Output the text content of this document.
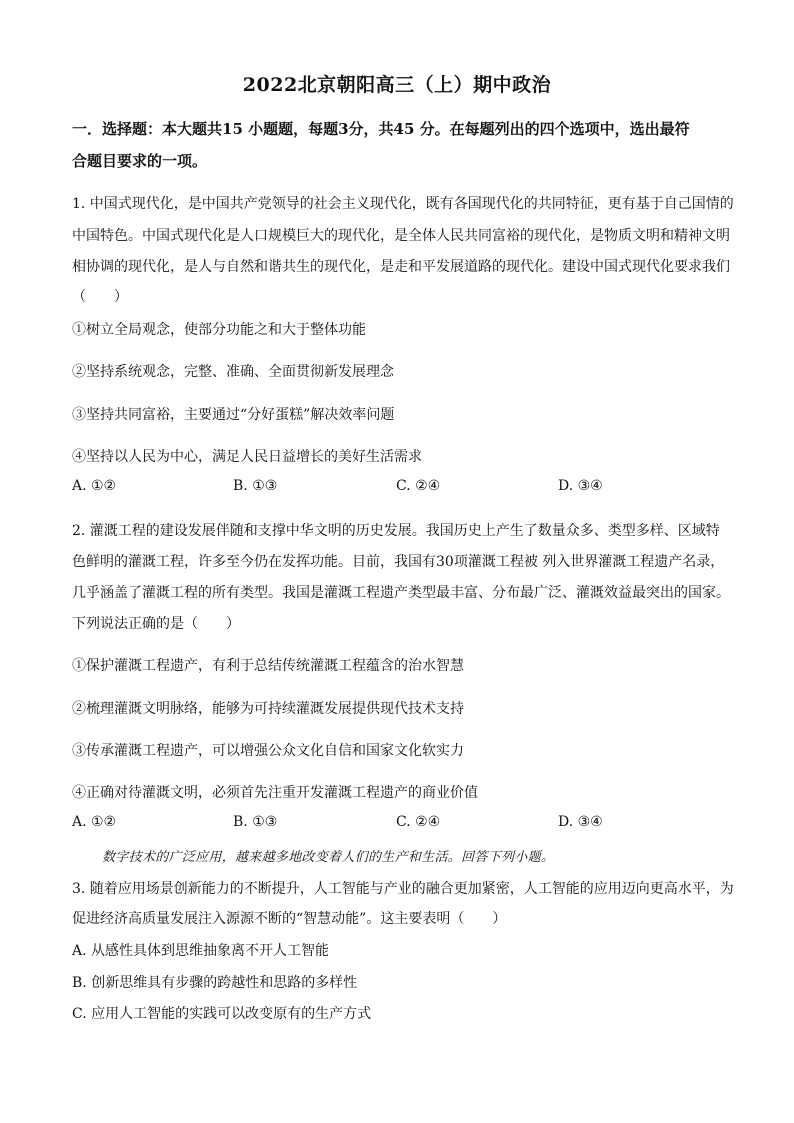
2022北京朝阳高三（上）期中政治
一．选择题：本大题共15 小题题，每题3分，共45 分。在每题列出的四个选项中，选出最符
合题目要求的一项。
1. 中国式现代化，是中国共产党领导的社会主义现代化，既有各国现代化的共同特征，更有基于自己国情的
中国特色。中国式现代化是人口规模巨大的现代化，是全体人民共同富裕的现代化，是物质文明和精神文明
相协调的现代化，是人与自然和谐共生的现代化，是走和平发展道路的现代化。建设中国式现代化要求我们
（　　）
①树立全局观念，使部分功能之和大于整体功能
②坚持系统观念，完整、准确、全面贯彻新发展理念
③坚持共同富裕，主要通过“分好蛋糕”解决效率问题
④坚持以人民为中心，满足人民日益增长的美好生活需求
A. ①②	B. ①③	C. ②④	D. ③④
2. 灌溉工程的建设发展伴随和支撑中华文明的历史发展。我国历史上产生了数量众多、类型多样、区域特
色鲜明的灌溉工程，许多至今仍在发挥功能。目前，我国有30项灌溉工程被 列入世界灌溉工程遗产名录，
几乎涵盖了灌溉工程的所有类型。我国是灌溉工程遗产类型最丰富、分布最广泛、灌溉效益最突出的国家。
下列说法正确的是（　　）
①保护灌溉工程遗产，有利于总结传统灌溉工程蕴含的治水智慧
②梳理灌溉文明脉络，能够为可持续灌溉发展提供现代技术支持
③传承灌溉工程遗产，可以增强公众文化自信和国家文化软实力
④正确对待灌溉文明，必须首先注重开发灌溉工程遗产的商业价值
A. ①②	B. ①③	C. ②④	D. ③④
数字技术的广泛应用，越来越多地改变着人们的生产和生活。回答下列小题。
3. 随着应用场景创新能力的不断提升，人工智能与产业的融合更加紧密，人工智能的应用迈向更高水平，为
促进经济高质量发展注入源源不断的“智慧动能”。这主要表明（　　）
A. 从感性具体到思维抽象离不开人工智能
B. 创新思维具有步骤的跨越性和思路的多样性
C. 应用人工智能的实践可以改变原有的生产方式
